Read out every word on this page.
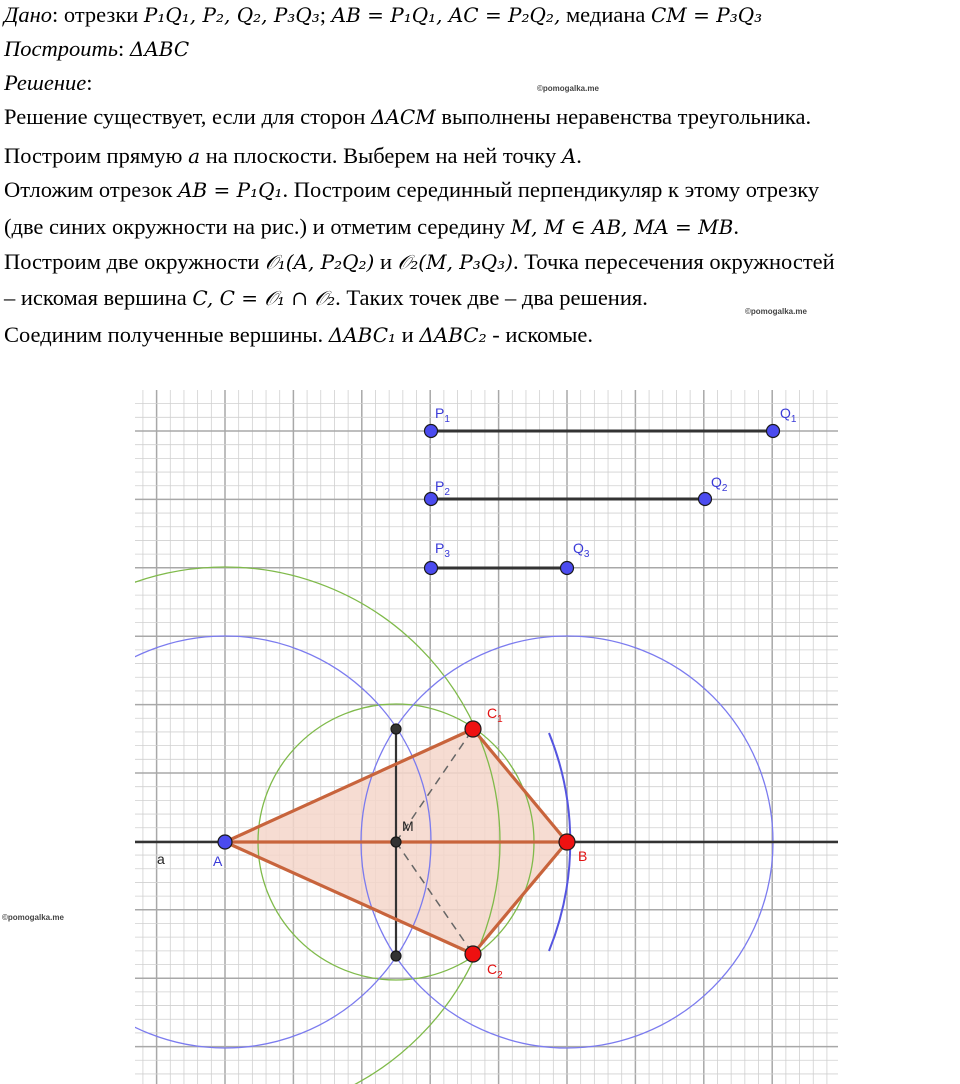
Дано: отрезки P₁Q₁, P₂, Q₂, P₃Q₃; AB = P₁Q₁, AC = P₂Q₂, медиана CM = P₃Q₃
Построить: ΔABC
Решение:
Решение существует, если для сторон ΔACM выполнены неравенства треугольника.
Построим прямую a на плоскости. Выберем на ней точку A.
Отложим отрезок AB = P₁Q₁. Построим серединный перпендикуляр к этому отрезку
(две синих окружности на рис.) и отметим середину M, M ∈ AB, MA = MB.
Построим две окружности 𝒪₁(A, P₂Q₂) и 𝒪₂(M, P₃Q₃). Точка пересечения окружностей
– искомая вершина C, C = 𝒪₁ ∩ 𝒪₂. Таких точек две – два решения.
Соединим полученные вершины. ΔABC₁ и ΔABC₂ - искомые.
©pomogalka.me
©pomogalka.me
©pomogalka.me
$P_1$	$Q_1$
$P_2$
$Q_2$
$P_3$	$Q_3$
A
$C_1$
$C_2$
B
a
M
